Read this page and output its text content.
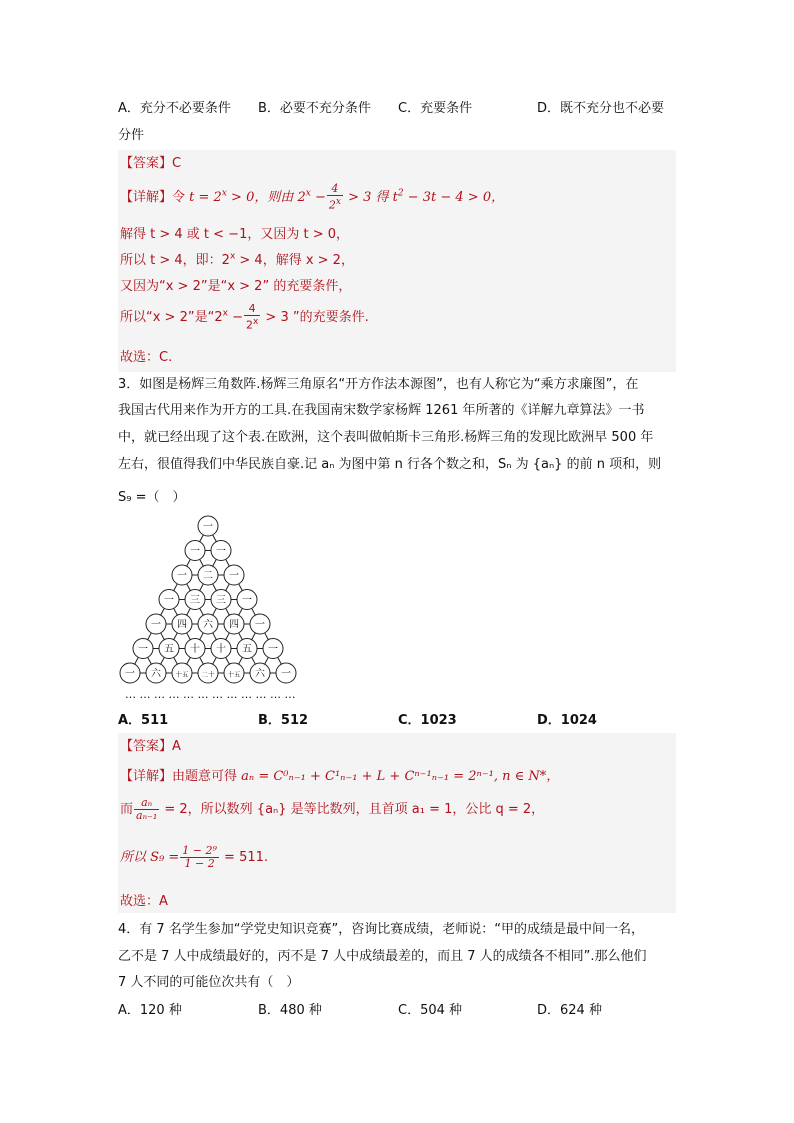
A．充分不必要条件 B．必要不充分条件 C．充要条件	D．既不充分也不必要
分件
【答案】C
【详解】令 $t = 2^x > 0$，则由 $2^x - \frac{4}{2^x} > 3$ 得 $t^2 - 3t - 4 > 0$，
解得 t > 4 或 t < −1，又因为 t > 0，
所以 t > 4，即：$2^x > 4$，解得 x > 2，
又因为“x > 2”是“x > 2” 的充要条件，
所以“x > 2”是“$2^x - \frac{4}{2^x} > 3$ ”的充要条件.
故选：C.
3．如图是杨辉三角数阵.杨辉三角原名“开方作法本源图”，也有人称它为“乘方求廉图”，在
我国古代用来作为开方的工具.在我国南宋数学家杨辉 1261 年所著的《详解九章算法》一书
中，就已经出现了这个表.在欧洲，这个表叫做帕斯卡三角形.杨辉三角的发现比欧洲早 500 年
左右，很值得我们中华民族自豪.记 aₙ 为图中第 n 行各个数之和，Sₙ 为 {aₙ} 的前 n 项和，则
S₉ =（　）
一
一 一
一 二 一
一 三 三 一
一 四 六 四 一
一 五 十 十 五 一
一 六 十五 二十 十五 六 一
… … … … … … … … … … … …
A．511	B．512	C．1023	D．1024
【答案】A
【详解】由题意可得 aₙ = C⁰ₙ₋₁ + C¹ₙ₋₁ + L + Cⁿ⁻¹ₙ₋₁ = 2ⁿ⁻¹, n ∈ N*，
而 $\frac{\text{aₙ}}{\text{aₙ₋₁}} = 2$，所以数列 {aₙ} 是等比数列，且首项 a₁ = 1，公比 q = 2，
所以 $S_9 = \frac{\text{1 − 2⁹}}{1 - 2} = 511$.
故选：A
4．有 7 名学生参加“学党史知识竞赛”，咨询比赛成绩，老师说：“甲的成绩是最中间一名，
乙不是 7 人中成绩最好的，丙不是 7 人中成绩最差的，而且 7 人的成绩各不相同”.那么他们
7 人不同的可能位次共有（　）
A．120 种	B．480 种	C．504 种	D．624 种
